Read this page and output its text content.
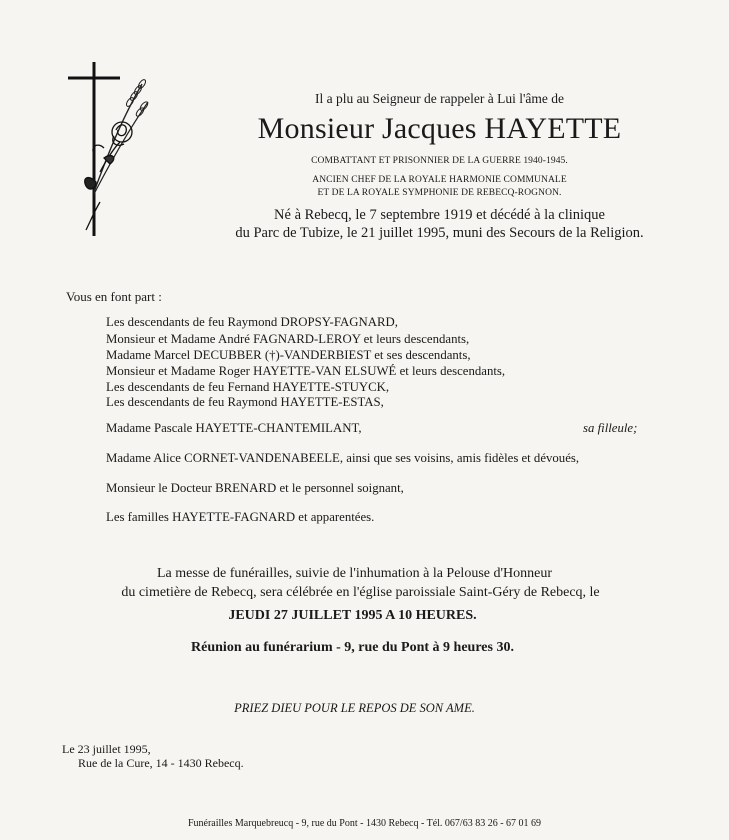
Il a plu au Seigneur de rappeler à Lui l'âme de
Monsieur Jacques HAYETTE
COMBATTANT ET PRISONNIER DE LA GUERRE 1940-1945.
ANCIEN CHEF DE LA ROYALE HARMONIE COMMUNALE
ET DE LA ROYALE SYMPHONIE DE REBECQ-ROGNON.
Né à Rebecq, le 7 septembre 1919 et décédé à la clinique
du Parc de Tubize, le 21 juillet 1995, muni des Secours de la Religion.
Vous en font part :
Les descendants de feu Raymond DROPSY-FAGNARD,
Monsieur et Madame André FAGNARD-LEROY et leurs descendants,
Madame Marcel DECUBBER (†)-VANDERBIEST et ses descendants,
Monsieur et Madame Roger HAYETTE-VAN ELSUWÉ et leurs descendants,
Les descendants de feu Fernand HAYETTE-STUYCK,
Les descendants de feu Raymond HAYETTE-ESTAS,
Madame Pascale HAYETTE-CHANTEMILANT,	sa filleule;
Madame Alice CORNET-VANDENABEELE, ainsi que ses voisins, amis fidèles et dévoués,
Monsieur le Docteur BRENARD et le personnel soignant,
Les familles HAYETTE-FAGNARD et apparentées.
La messe de funérailles, suivie de l'inhumation à la Pelouse d'Honneur
du cimetière de Rebecq, sera célébrée en l'église paroissiale Saint-Géry de Rebecq, le
JEUDI 27 JUILLET 1995 A 10 HEURES.
Réunion au funérarium - 9, rue du Pont à 9 heures 30.
PRIEZ DIEU POUR LE REPOS DE SON AME.
Le 23 juillet 1995,
Rue de la Cure, 14 - 1430 Rebecq.
Funérailles Marquebreucq - 9, rue du Pont - 1430 Rebecq - Tél. 067/63 83 26 - 67 01 69
